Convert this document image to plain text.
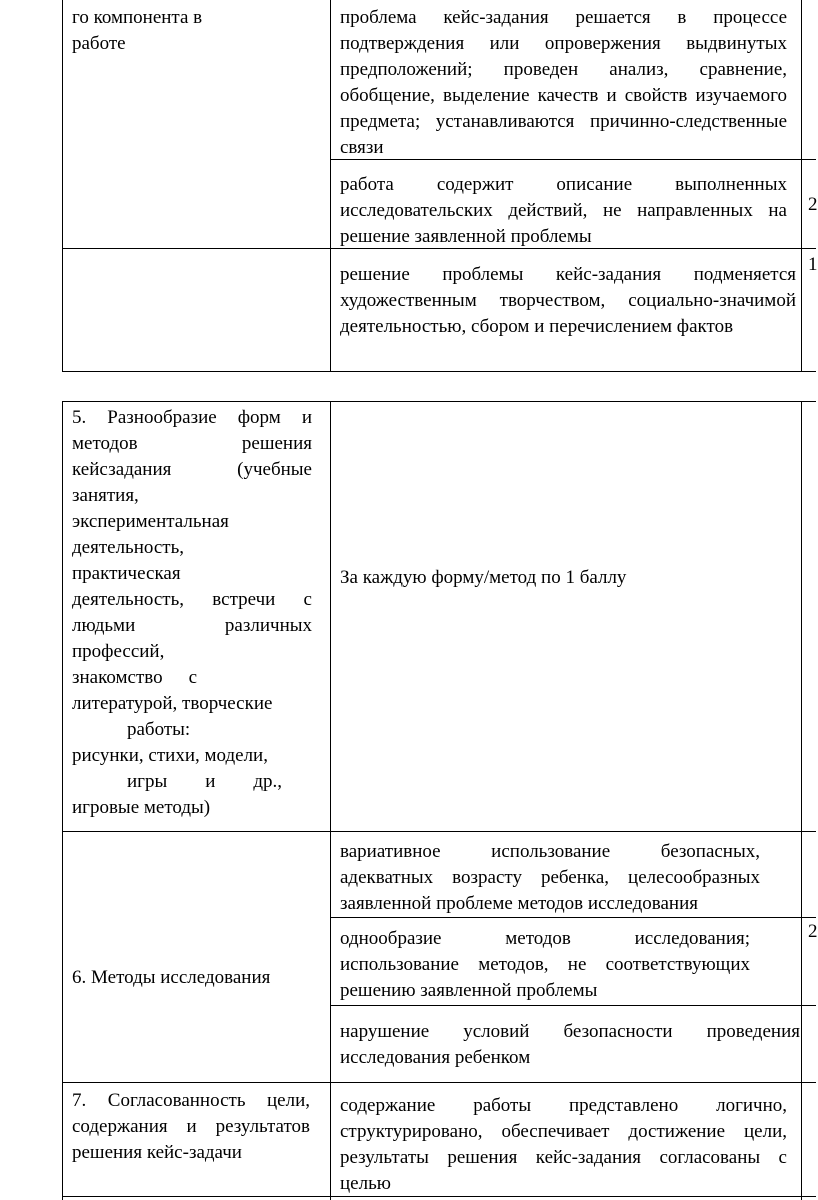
го компонента в работе
проблема кейс-задания решается в процессе подтверждения или опровержения выдвинутых предположений; проведен анализ, сравнение, обобщение, выделение качеств и свойств изучаемого предмета; устанавливаются причинно-следственные связи
работа содержит описание выполненных исследовательских действий, не направленных на решение заявленной проблемы
2
решение проблемы кейс-задания подменяется художественным творчеством, социально-значимой деятельностью, сбором и перечислением фактов
1
5. Разнообразие форм и
методов решения
кейсзадания (учебные
занятия,
экспериментальная
деятельность,
практическая
деятельность, встречи с
людьми различных
профессий,
знакомство с
литературой, творческие
работы:
рисунки, стихи, модели,
игры и др.,
игровые методы)
За каждую форму/метод по 1 баллу
6. Методы исследования
вариативное использование безопасных, адекватных возрасту ребенка, целесообразных заявленной проблеме методов исследования
однообразие методов исследования; использование методов, не соответствующих решению заявленной проблемы
2
нарушение условий безопасности проведения исследования ребенком
7. Согласованность цели, содержания и результатов решения кейс-задачи
содержание работы представлено логично, структурировано, обеспечивает достижение цели, результаты решения кейс-задания согласованы с целью
